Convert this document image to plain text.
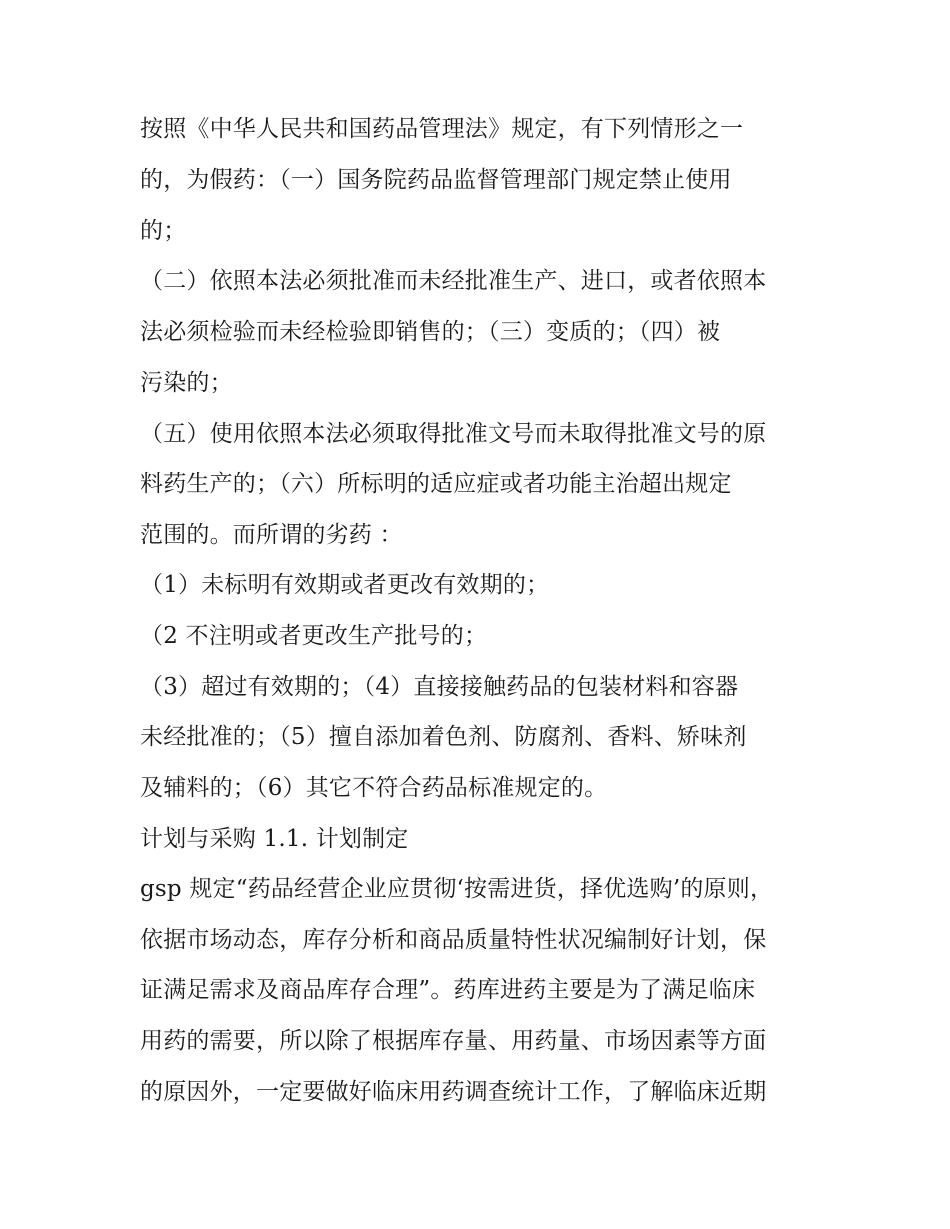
按照《中华人民共和国药品管理法》规定，有下列情形之一
的，为假药：（一）国务院药品监督管理部门规定禁止使用
的；
（二）依照本法必须批准而未经批准生产、进口，或者依照本
法必须检验而未经检验即销售的；（三）变质的；（四）被
污染的；
（五）使用依照本法必须取得批准文号而未取得批准文号的原
料药生产的；（六）所标明的适应症或者功能主治超出规定
范围的。而所谓的劣药 ：
（1）未标明有效期或者更改有效期的；
（2 不注明或者更改生产批号的；
（3）超过有效期的；（4）直接接触药品的包装材料和容器
未经批准的；（5）擅自添加着色剂、防腐剂、香料、矫味剂
及辅料的；（6）其它不符合药品标准规定的。
计划与采购 1.1. 计划制定
gsp 规定“药品经营企业应贯彻‘按需进货，择优选购’的原则，
依据市场动态，库存分析和商品质量特性状况编制好计划，保
证满足需求及商品库存合理”。药库进药主要是为了满足临床
用药的需要，所以除了根据库存量、用药量、市场因素等方面
的原因外，一定要做好临床用药调查统计工作，了解临床近期
